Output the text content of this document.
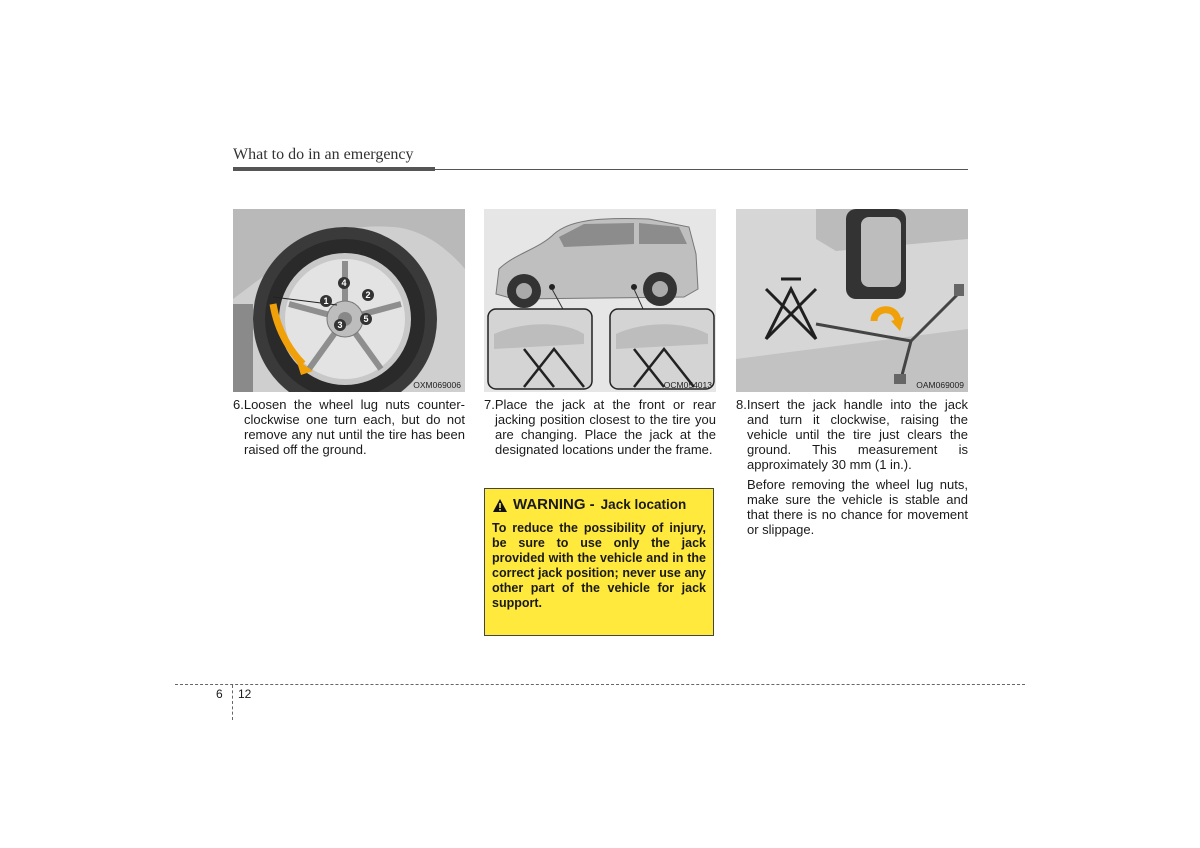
What to do in an emergency
4
2
1
5
3
OXM069006	OCM054013	OAM069009

6.Loosen the wheel lug nuts counter-clockwise one turn each, but do not remove any nut until the tire has been raised off the ground.

7.Place the jack at the front or rear jacking position closest to the tire you are changing. Place the jack at the designated locations under the frame.

8.Insert the jack handle into the jack and turn it clockwise, raising the vehicle until the tire just clears the ground. This measurement is approximately 30 mm (1 in.).

Before removing the wheel lug nuts, make sure the vehicle is stable and that there is no chance for movement or slippage.

WARNING - Jack location
To reduce the possibility of injury, be sure to use only the jack provided with the vehicle and in the correct jack position; never use any other part of the vehicle for jack support.
6 12
